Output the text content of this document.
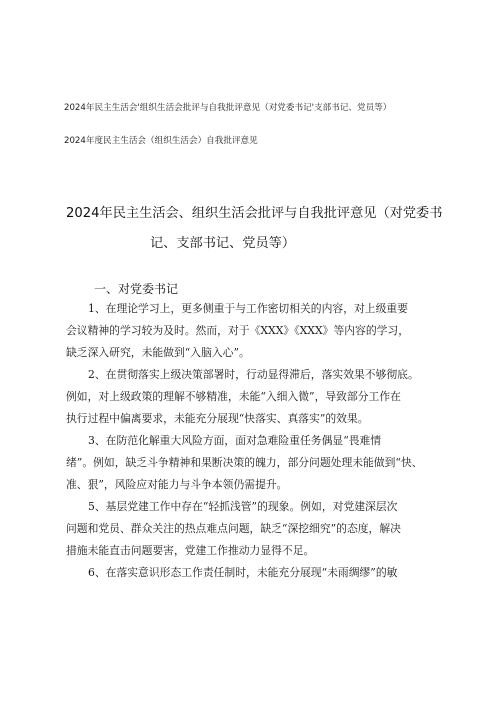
2024年民主生活会'组织生活会批评与自我批评意见（对党委书记'支部书记、党员等）
2024年度民主生活会（组织生活会）自我批评意见
2024年民主生活会、组织生活会批评与自我批评意见（对党委书
记、支部书记、党员等）
一、对党委书记
1、在理论学习上，更多侧重于与工作密切相关的内容，对上级重要
会议精神的学习较为及时。然而，对于《XXX》《XXX》等内容的学习，
缺乏深入研究，未能做到“入脑入心”。
2、在贯彻落实上级决策部署时，行动显得滞后，落实效果不够彻底。
例如，对上级政策的理解不够精准，未能“入细入微”，导致部分工作在
执行过程中偏离要求，未能充分展现“快落实、真落实”的效果。
3、在防范化解重大风险方面，面对急难险重任务偶显“畏难情
绪”。例如，缺乏斗争精神和果断决策的魄力，部分问题处理未能做到“快、
准、狠”，风险应对能力与斗争本领仍需提升。
5、基层党建工作中存在“轻抓浅管”的现象。例如，对党建深层次
问题和党员、群众关注的热点难点问题，缺乏“深挖细究”的态度，解决
措施未能直击问题要害，党建工作推动力显得不足。
6、在落实意识形态工作责任制时，未能充分展现“未雨绸缪”的敏
